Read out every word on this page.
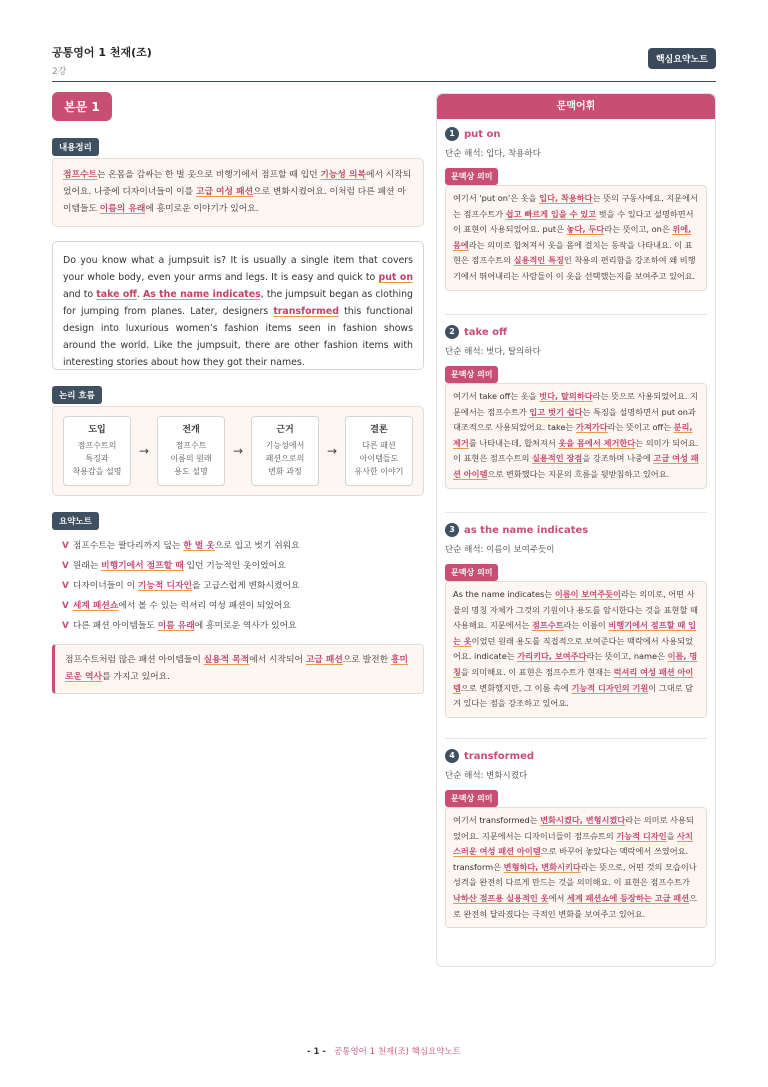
공통영어 1 천재(조)
2강
핵심요약노트
본문 1
내용정리
점프수트는 온몸을 감싸는 한 벌 옷으로 비행기에서 점프할 때 입던 기능성 의복에서 시작되었어요. 나중에 디자이너들이 이를 고급 여성 패션으로 변화시켰어요. 이처럼 다른 패션 아이템들도 이름의 유래에 흥미로운 이야기가 있어요.
Do you know what a jumpsuit is? It is usually a single item that covers your whole body, even your arms and legs. It is easy and quick to put on and to take off. As the name indicates, the jumpsuit began as clothing for jumping from planes. Later, designers transformed this functional design into luxurious women’s fashion items seen in fashion shows around the world. Like the jumpsuit, there are other fashion items with interesting stories about how they got their names.
논리 흐름
도입
점프수트의
특징과
착용감을 설명
→
전개
점프수트
이름의 원래
용도 설명
→
근거
기능성에서
패션으로의
변화 과정
→
결론
다른 패션
아이템들도
유사한 이야기
요약노트
V 점프수트는 팔다리까지 덮는 한 벌 옷으로 입고 벗기 쉬워요
V 원래는 비행기에서 점프할 때 입던 기능적인 옷이었어요
V 디자이너들이 이 기능적 디자인을 고급스럽게 변화시켰어요
V 세계 패션쇼에서 볼 수 있는 럭셔리 여성 패션이 되었어요
V 다른 패션 아이템들도 이름 유래에 흥미로운 역사가 있어요
점프수트처럼 많은 패션 아이템들이 실용적 목적에서 시작되어 고급 패션으로 발전한 흥미로운 역사를 가지고 있어요.
문맥어휘
1 put on
단순 해석: 입다, 착용하다
문맥상 의미
여기서 'put on'은 옷을 입다, 착용하다는 뜻의 구동사예요. 지문에서는 점프수트가 쉽고 빠르게 입을 수 있고 벗을 수 있다고 설명하면서 이 표현이 사용되었어요. put은 놓다, 두다라는 뜻이고, on은 위에, 몸에라는 의미로 합쳐져서 옷을 몸에 걸치는 동작을 나타내요. 이 표현은 점프수트의 실용적인 특징인 착용의 편리함을 강조하여 왜 비행기에서 뛰어내리는 사람들이 이 옷을 선택했는지를 보여주고 있어요.
2 take off
단순 해석: 벗다, 탈의하다
문맥상 의미
여기서 take off는 옷을 벗다, 탈의하다라는 뜻으로 사용되었어요. 지문에서는 점프수트가 입고 벗기 쉽다는 특징을 설명하면서 put on과 대조적으로 사용되었어요. take는 가져가다라는 뜻이고 off는 분리, 제거를 나타내는데, 합쳐져서 옷을 몸에서 제거한다는 의미가 되어요. 이 표현은 점프수트의 실용적인 장점을 강조하며 나중에 고급 여성 패션 아이템으로 변화했다는 지문의 흐름을 뒷받침하고 있어요.
3 as the name indicates
단순 해석: 이름이 보여주듯이
문맥상 의미
As the name indicates는 이름이 보여주듯이라는 의미로, 어떤 사물의 명칭 자체가 그것의 기원이나 용도를 암시한다는 것을 표현할 때 사용해요. 지문에서는 점프수트라는 이름이 비행기에서 점프할 때 입는 옷이었던 원래 용도를 직접적으로 보여준다는 맥락에서 사용되었어요. indicate는 가리키다, 보여주다라는 뜻이고, name은 이름, 명칭을 의미해요. 이 표현은 점프수트가 현재는 럭셔리 여성 패션 아이템으로 변화했지만, 그 이름 속에 기능적 디자인의 기원이 그대로 담겨 있다는 점을 강조하고 있어요.
4 transformed
단순 해석: 변화시켰다
문맥상 의미
여기서 transformed는 변화시켰다, 변형시켰다라는 의미로 사용되었어요. 지문에서는 디자이너들이 점프슈트의 기능적 디자인을 사치스러운 여성 패션 아이템으로 바꾸어 놓았다는 맥락에서 쓰였어요. transform은 변형하다, 변화시키다라는 뜻으로, 어떤 것의 모습이나 성격을 완전히 다르게 만드는 것을 의미해요. 이 표현은 점프수트가 낙하산 점프용 실용적인 옷에서 세계 패션쇼에 등장하는 고급 패션으로 완전히 달라졌다는 극적인 변화를 보여주고 있어요.
- 1 - 공통영어 1 천재(조) 핵심요약노트
